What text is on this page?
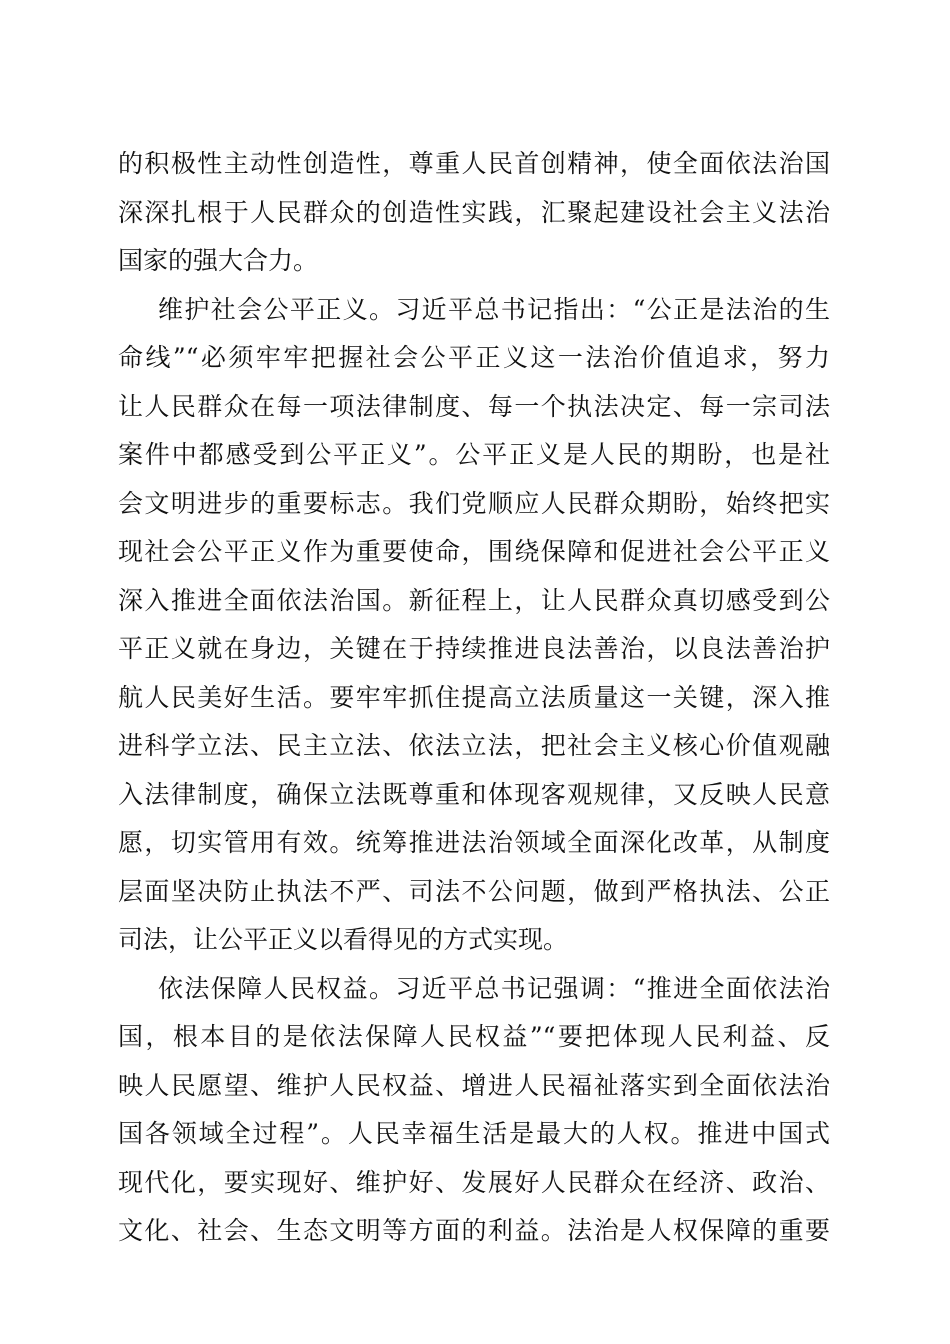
的积极性主动性创造性，尊重人民首创精神，使全面依法治国
深深扎根于人民群众的创造性实践，汇聚起建设社会主义法治
国家的强大合力。
维护社会公平正义。习近平总书记指出：“公正是法治的生
命线”“必须牢牢把握社会公平正义这一法治价值追求，努力
让人民群众在每一项法律制度、每一个执法决定、每一宗司法
案件中都感受到公平正义”。公平正义是人民的期盼，也是社
会文明进步的重要标志。我们党顺应人民群众期盼，始终把实
现社会公平正义作为重要使命，围绕保障和促进社会公平正义
深入推进全面依法治国。新征程上，让人民群众真切感受到公
平正义就在身边，关键在于持续推进良法善治，以良法善治护
航人民美好生活。要牢牢抓住提高立法质量这一关键，深入推
进科学立法、民主立法、依法立法，把社会主义核心价值观融
入法律制度，确保立法既尊重和体现客观规律，又反映人民意
愿，切实管用有效。统筹推进法治领域全面深化改革，从制度
层面坚决防止执法不严、司法不公问题，做到严格执法、公正
司法，让公平正义以看得见的方式实现。
依法保障人民权益。习近平总书记强调：“推进全面依法治
国，根本目的是依法保障人民权益”“要把体现人民利益、反
映人民愿望、维护人民权益、增进人民福祉落实到全面依法治
国各领域全过程”。人民幸福生活是最大的人权。推进中国式
现代化，要实现好、维护好、发展好人民群众在经济、政治、
文化、社会、生态文明等方面的利益。法治是人权保障的重要
